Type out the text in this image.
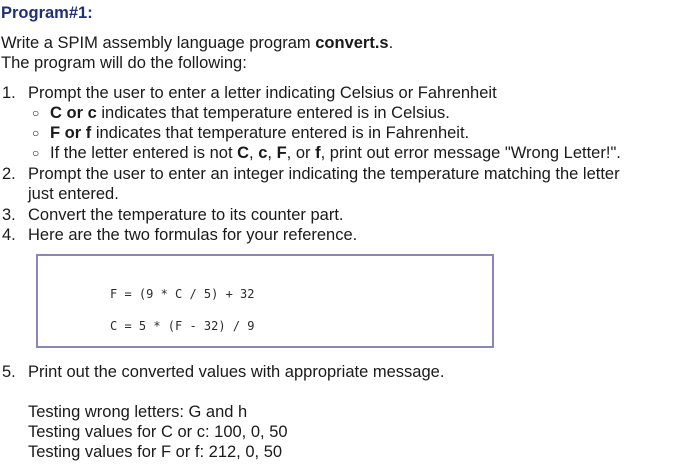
Program#1:
Write a SPIM assembly language program convert.s.
The program will do the following:
1. Prompt the user to enter a letter indicating Celsius or Fahrenheit
○ C or c indicates that temperature entered is in Celsius.
○ F or f indicates that temperature entered is in Fahrenheit.
○ If the letter entered is not C, c, F, or f, print out error message "Wrong Letter!".
2. Prompt the user to enter an integer indicating the temperature matching the letter
just entered.
3. Convert the temperature to its counter part.
4. Here are the two formulas for your reference.
F = (9 * C / 5) + 32
C = 5 * (F - 32) / 9
5. Print out the converted values with appropriate message.
Testing wrong letters: G and h
Testing values for C or c: 100, 0, 50
Testing values for F or f: 212, 0, 50
